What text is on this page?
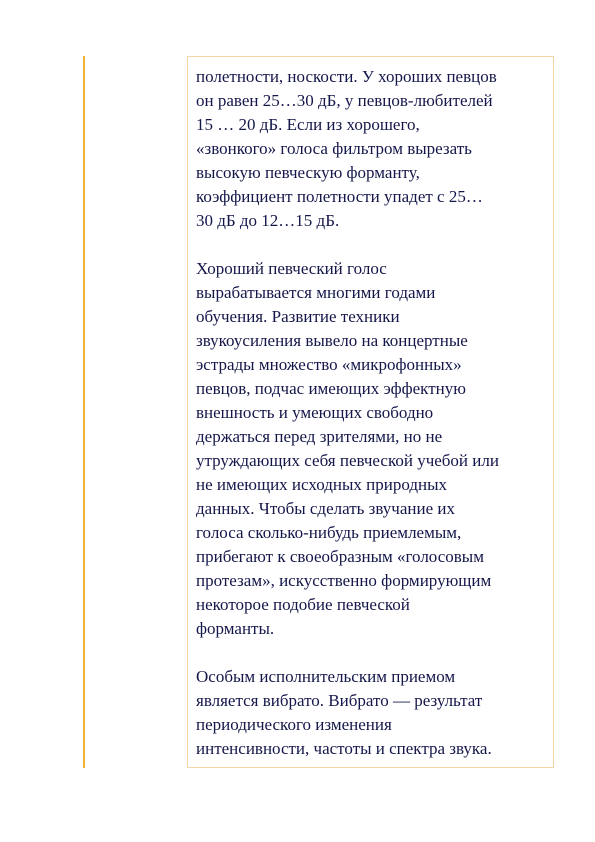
полетности, носкости. У хороших певцов
он равен 25…30 дБ, у певцов-любителей
15 … 20 дБ. Если из хорошего,
«звонкого» голоса фильтром вырезать
высокую певческую форманту,
коэффициент полетности упадет с 25…
30 дБ до 12…15 дБ.

Хороший певческий голос
вырабатывается многими годами
обучения. Развитие техники
звукоусиления вывело на концертные
эстрады множество «микрофонных»
певцов, подчас имеющих эффектную
внешность и умеющих свободно
держаться перед зрителями, но не
утруждающих себя певческой учебой или
не имеющих исходных природных
данных. Чтобы сделать звучание их
голоса сколько-нибудь приемлемым,
прибегают к своеобразным «голосовым
протезам», искусственно формирующим
некоторое подобие певческой
форманты.

Особым исполнительским приемом
является вибрато. Вибрато — результат
периодического изменения
интенсивности, частоты и спектра звука.
